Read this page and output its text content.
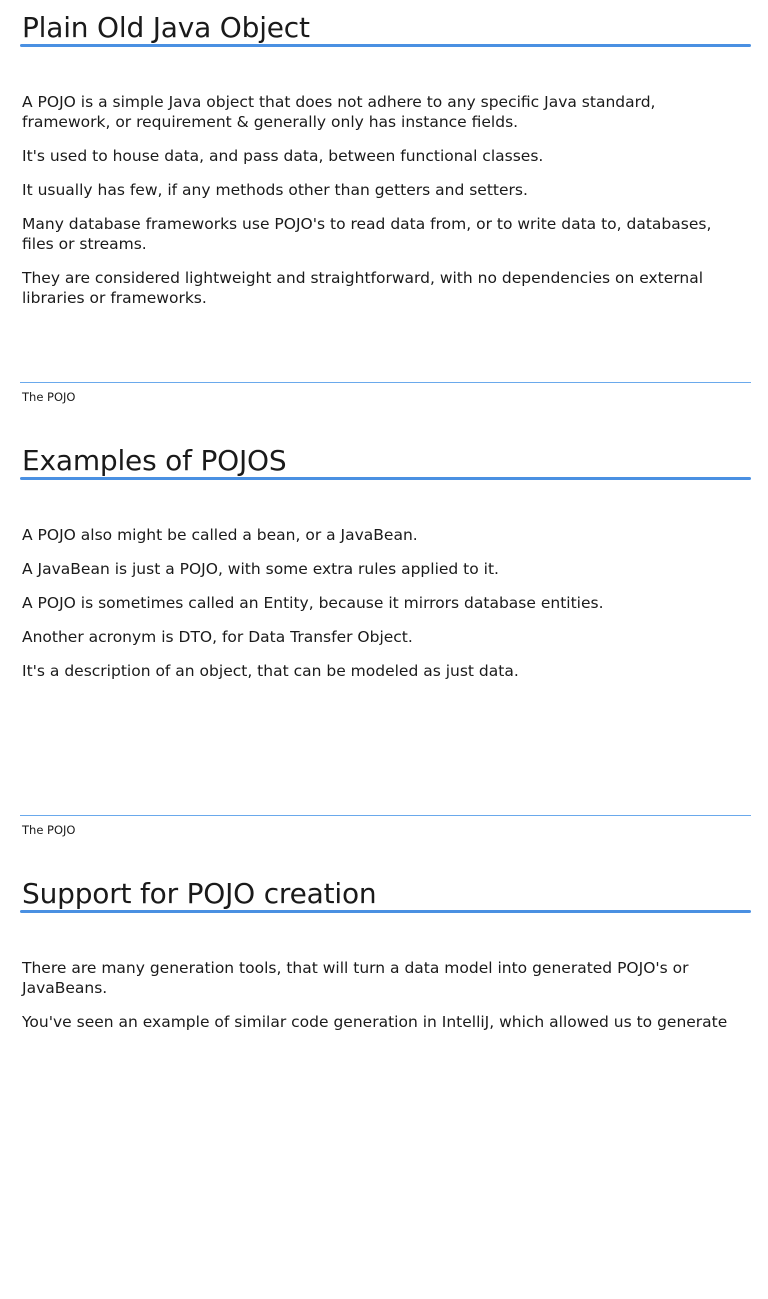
Plain Old Java Object
A POJO is a simple Java object that does not adhere to any specific Java standard, framework, or requirement & generally only has instance fields.
It's used to house data, and pass data, between functional classes.
It usually has few, if any methods other than getters and setters.
Many database frameworks use POJO's to read data from, or to write data to, databases, files or streams.
They are considered lightweight and straightforward, with no dependencies on external libraries or frameworks.
The POJO
Examples of POJOS
A POJO also might be called a bean, or a JavaBean.
A JavaBean is just a POJO, with some extra rules applied to it.
A POJO is sometimes called an Entity, because it mirrors database entities.
Another acronym is DTO, for Data Transfer Object.
It's a description of an object, that can be modeled as just data.
The POJO
Support for POJO creation
There are many generation tools, that will turn a data model into generated POJO's or JavaBeans.
You've seen an example of similar code generation in IntelliJ, which allowed us to generate
